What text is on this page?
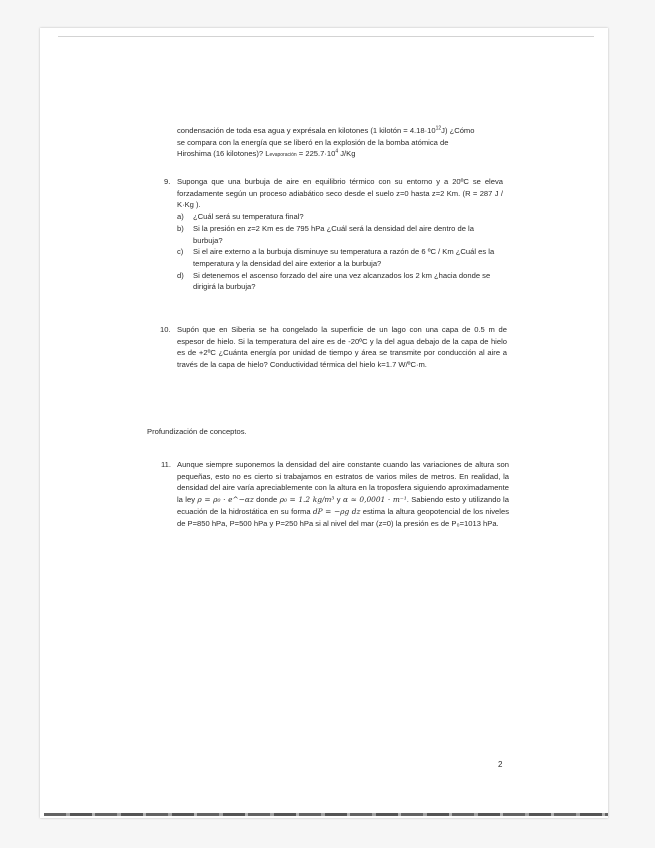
condensación de toda esa agua y exprésala en kilotones (1 kilotón = $4.18\cdot 10^{12}J$) ¿Cómo
se compara con la energía que se liberó en la explosión de la bomba atómica de
Hiroshima (16 kilotones)? Levaporación = $225.7\cdot 10^4$ J/Kg
9. Suponga que una burbuja de aire en equilibrio térmico con su entorno y a 20ºC se eleva forzadamente según un proceso adiabático seco desde el suelo z=0 hasta z=2 Km. (R = 287 J / K·Kg ).
a) ¿Cuál será su temperatura final?
b) Si la presión en z=2 Km es de 795 hPa ¿Cuál será la densidad del aire dentro de la burbuja?
c) Si el aire externo a la burbuja disminuye su temperatura a razón de 6 ºC / Km ¿Cuál es la temperatura y la densidad del aire exterior a la burbuja?
d) Si detenemos el ascenso forzado del aire una vez alcanzados los 2 km ¿hacia donde se dirigirá la burbuja?
10. Supón que en Siberia se ha congelado la superficie de un lago con una capa de 0.5 m de espesor de hielo. Si la temperatura del aire es de -20ºC y la del agua debajo de la capa de hielo es de +2ºC ¿Cuánta energía por unidad de tiempo y área se transmite por conducción al aire a través de la capa de hielo? Conductividad térmica del hielo k=1.7 W/ºC·m.
Profundización de conceptos.
11. Aunque siempre suponemos la densidad del aire constante cuando las variaciones de altura son pequeñas, esto no es cierto si trabajamos en estratos de varios miles de metros. En realidad, la densidad del aire varía apreciablemente con la altura en la troposfera siguiendo aproximadamente la ley ρ = ρ₀ · e^−αz donde ρ₀ = 1.2 kg/m³ y α ≈ 0,0001 · m⁻¹. Sabiendo esto y utilizando la ecuación de la hidrostática en su forma dP = −ρg dz estima la altura geopotencial de los niveles de P=850 hPa, P=500 hPa y P=250 hPa si al nivel del mar (z=0) la presión es de P₀=1013 hPa.
2
